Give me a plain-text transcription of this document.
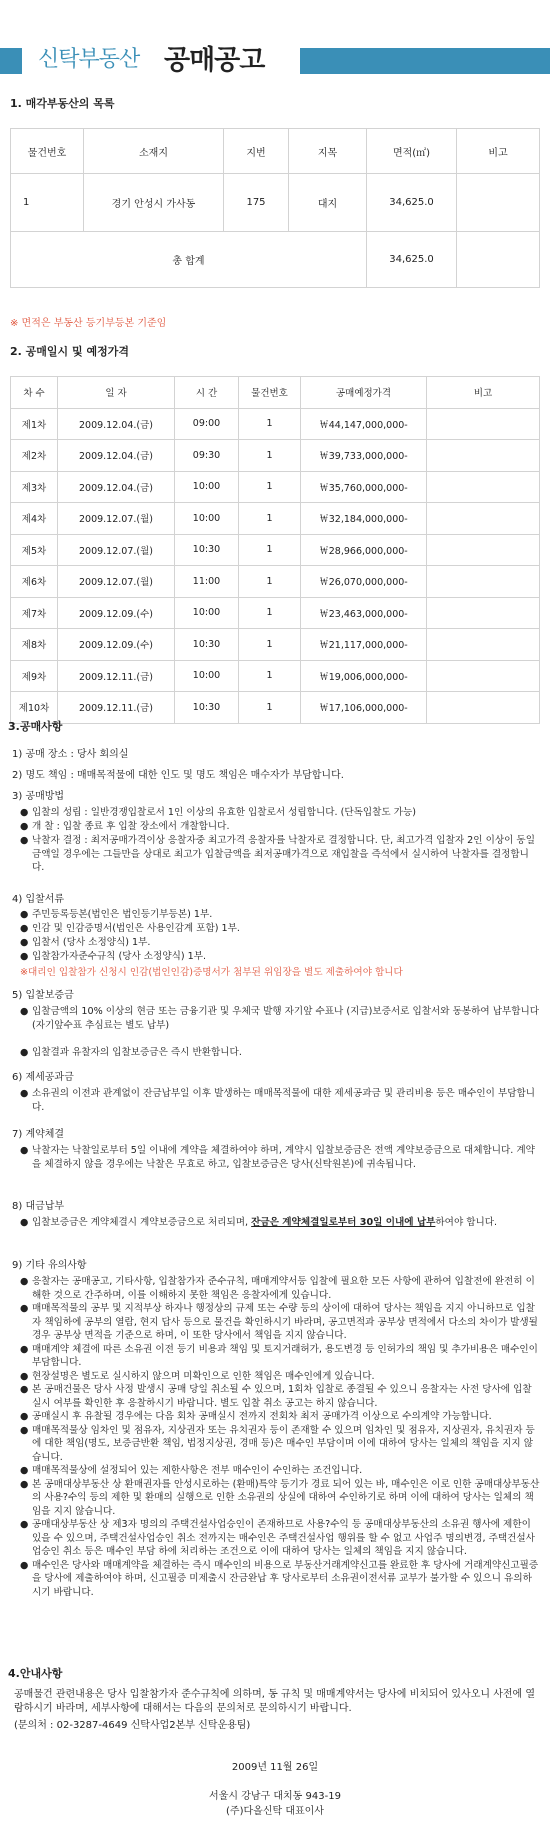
신탁부동산 공매공고
1. 매각부동산의 목록
물건번호	소재지	지번	지목	면적(㎡)	비고
1	경기 안성시 가사동	175	대지	34,625.0	
총 합계				34,625.0	
※ 면적은 부동산 등기부등본 기준임
2. 공매일시 및 예정가격
차 수	일 자	시 간	물건번호	공매예정가격	비고
제1차	2009.12.04.(금)	09:00	1	￦44,147,000,000-	
제2차	2009.12.04.(금)	09:30	1	￦39,733,000,000-	
제3차	2009.12.04.(금)	10:00	1	￦35,760,000,000-	
제4차	2009.12.07.(월)	10:00	1	￦32,184,000,000-	
제5차	2009.12.07.(월)	10:30	1	￦28,966,000,000-	
제6차	2009.12.07.(월)	11:00	1	￦26,070,000,000-	
제7차	2009.12.09.(수)	10:00	1	￦23,463,000,000-	
제8차	2009.12.09.(수)	10:30	1	￦21,117,000,000-	
제9차	2009.12.11.(금)	10:00	1	￦19,006,000,000-	
제10차	2009.12.11.(금)	10:30	1	￦17,106,000,000-	
3.공매사항
1) 공매 장소 : 당사 회의실
2) 명도 책임 : 매매목적물에 대한 인도 및 명도 책임은 매수자가 부담합니다.
3) 공매방법
● 입찰의 성립 : 일반경쟁입찰로서 1인 이상의 유효한 입찰로서 성립합니다. (단독입찰도 가능)
● 개 찰 : 입찰 종료 후 입찰 장소에서 개찰합니다.
● 낙찰자 결정 : 최저공매가격이상 응찰자중 최고가격 응찰자를 낙찰자로 결정합니다. 단, 최고가격 입찰자 2인 이상이 동일금액일 경우에는 그들만을 상대로 최고가 입찰금액을 최저공매가격으로 재입찰을 즉석에서 실시하여 낙찰자를 결정합니다.
4) 입찰서류
● 주민등록등본(법인은 법인등기부등본) 1부.
● 인감 및 인감증명서(법인은 사용인감계 포함) 1부.
● 입찰서 (당사 소정양식) 1부.
● 입찰참가자준수규칙 (당사 소정양식) 1부.
※대리인 입찰참가 신청시 인감(법인인감)증명서가 첨부된 위임장을 별도 제출하여야 합니다
5) 입찰보증금
● 입찰금액의 10% 이상의 현금 또는 금융기관 및 우체국 발행 자기앞 수표나 (지급)보증서로 입찰서와 동봉하여 납부합니다(자기앞수표 추심료는 별도 납부)
● 입찰결과 유찰자의 입찰보증금은 즉시 반환합니다.
6) 제세공과금
● 소유권의 이전과 관계없이 잔금납부일 이후 발생하는 매매목적물에 대한 제세공과금 및 관리비용 등은 매수인이 부담합니다.
7) 계약체결
● 낙찰자는 낙찰일로부터 5일 이내에 계약을 체결하여야 하며, 계약시 입찰보증금은 전액 계약보증금으로 대체합니다. 계약을 체결하지 않을 경우에는 낙찰은 무효로 하고, 입찰보증금은 당사(신탁원본)에 귀속됩니다.
8) 대금납부
● 입찰보증금은 계약체결시 계약보증금으로 처리되며, 잔금은 계약체결일로부터 30일 이내에 납부하여야 합니다.
9) 기타 유의사항
● 응찰자는 공매공고, 기타사항, 입찰참가자 준수규칙, 매매계약서등 입찰에 필요한 모든 사항에 관하여 입찰전에 완전히 이해한 것으로 간주하며, 이를 이해하지 못한 책임은 응찰자에게 있습니다.
● 매매목적물의 공부 및 지적부상 하자나 행정상의 규제 또는 수량 등의 상이에 대하여 당사는 책임을 지지 아니하므로 입찰자 책임하에 공부의 열람, 현지 답사 등으로 물건을 확인하시기 바라며, 공고면적과 공부상 면적에서 다소의 차이가 발생될 경우 공부상 면적을 기준으로 하며, 이 또한 당사에서 책임을 지지 않습니다.
● 매매계약 체결에 따른 소유권 이전 등기 비용과 책임 및 토지거래허가, 용도변경 등 인허가의 책임 및 추가비용은 매수인이 부담합니다.
● 현장설명은 별도로 실시하지 않으며 미확인으로 인한 책임은 매수인에게 있습니다.
● 본 공매건물은 당사 사정 발생시 공매 당일 취소될 수 있으며, 1회차 입찰로 종결될 수 있으니 응찰자는 사전 당사에 입찰 실시 여부를 확인한 후 응찰하시기 바랍니다. 별도 입찰 취소 공고는 하지 않습니다.
● 공매실시 후 유찰될 경우에는 다음 회차 공매실시 전까지 전회차 최저 공매가격 이상으로 수의계약 가능합니다.
● 매매목적물상 임차인 및 점유자, 지상권자 또는 유치권자 등이 존재할 수 있으며 임차인 및 점유자, 지상권자, 유치권자 등에 대한 책임(명도, 보증금반환 책임, 법정지상권, 경매 등)은 매수인 부담이며 이에 대하여 당사는 일체의 책임을 지지 않습니다.
● 매매목적물상에 설정되어 있는 제한사항은 전부 매수인이 수인하는 조건입니다.
● 본 공매대상부동산 상 환매권자를 안성시로하는 (환매)특약 등기가 경료 되어 있는 바, 매수인은 이로 인한 공매대상부동산의 사용?수익 등의 제한 및 환매의 실행으로 인한 소유권의 상실에 대하여 수인하기로 하며 이에 대하여 당사는 일체의 책임을 지지 않습니다.
● 공매대상부동산 상 제3자 명의의 주택건설사업승인이 존재하므로 사용?수익 등 공매대상부동산의 소유권 행사에 제한이 있을 수 있으며, 주택건설사업승인 취소 전까지는 매수인은 주택건설사업 행위를 할 수 없고 사업주 명의변경, 주택건설사업승인 취소 등은 매수인 부담 하에 처리하는 조건으로 이에 대하여 당사는 일체의 책임을 지지 않습니다.
● 매수인은 당사와 매매계약을 체결하는 즉시 매수인의 비용으로 부동산거래계약신고를 완료한 후 당사에 거래계약신고필증을 당사에 제출하여야 하며, 신고필증 미제출시 잔금완납 후 당사로부터 소유권이전서류 교부가 불가할 수 있으니 유의하시기 바랍니다.
4.안내사항
공매물건 관련내용은 당사 입찰참가자 준수규칙에 의하며, 동 규칙 및 매매계약서는 당사에 비치되어 있사오니 사전에 열람하시기 바라며, 세부사항에 대해서는 다음의 문의처로 문의하시기 바랍니다.
(문의처 : 02-3287-4649 신탁사업2본부 신탁운용팀)
2009년 11월 26일
서울시 강남구 대치동 943-19
(주)다올신탁 대표이사
